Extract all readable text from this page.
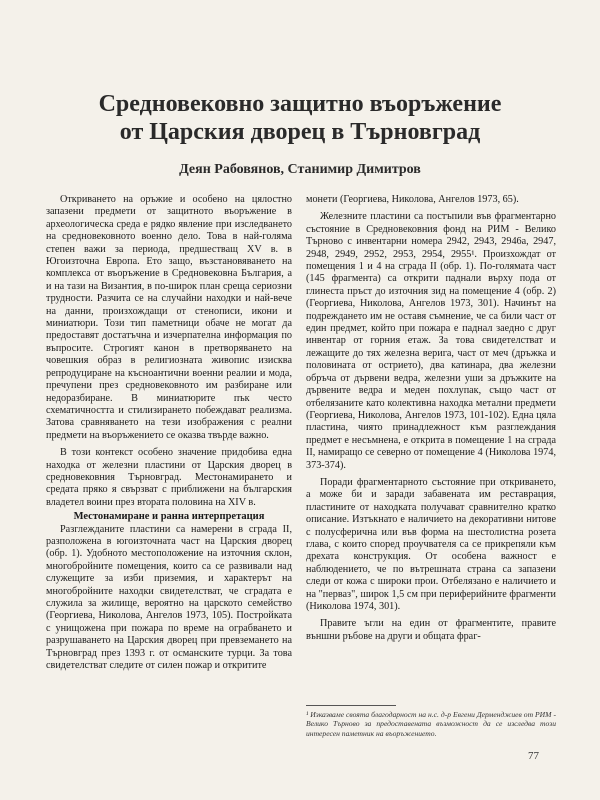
Средновековно защитно въоръжение
от Царския дворец в Търновград
Деян Рабовянов, Станимир Димитров

Откриването на оръжие и особено на цялостно запазени предмети от защитното въоръжение в археологическа среда е рядко явление при изследването на средновековното военно дело. Това в най-голяма степен важи за периода, предшестващ XV в. в Югоизточна Европа. Ето защо, възстановяването на комплекса от въоръжение в Средновековна България, а и на тази на Византия, в по-широк план среща сериозни трудности. Разчита се на случайни находки и най-вече на данни, произхождащи от стенописи, икони и миниатюри. Този тип паметници обаче не могат да предоставят достатъчна и изчерпателна информация по въпросите. Строгият канон в претворяването на човешкия образ в религиозната живопис изисква репродуциране на късноантични военни реалии и мода, пречупени през средновековното им разбиране или недоразбиране. В миниатюрите пък често схематичността и стилизирането побеждават реализма. Затова сравняването на тези изображения с реални предмети на въоръжението се оказва твърде важно.

В този контекст особено значение придобива една находка от железни пластини от Царския дворец в средновековния Търновград. Местонамирането и средата пряко я свързват с приближени на българския владетел воини през втората половина на XIV в.

Местонамиране и ранна интерпретация

Разглежданите пластини са намерени в сграда II, разположена в югоизточната част на Царския дворец (обр. 1). Удобното местоположение на източния склон, многобройните помещения, които са се развивали над служещите за изби приземия, и характерът на многобройните находки свидетелстват, че сградата е служила за жилище, вероятно на царското семейство (Георгиева, Николова, Ангелов 1973, 105). Постройката с унищожена при пожара по време на ограбването и разрушаването на Царския дворец при превземането на Търновград през 1393 г. от османските турци. За това свидетелстват следите от силен пожар и откритите

монети (Георгиева, Николова, Ангелов 1973, 65).

Железните пластини са постъпили във фрагментарно състояние в Средновековния фонд на РИМ - Велико Търново с инвентарни номера 2942, 2943, 2946а, 2947, 2948, 2949, 2952, 2953, 2954, 2955¹. Произхождат от помещения 1 и 4 на сграда II (обр. 1). По-голямата част (145 фрагмента) са открити паднали върху пода от глинеста пръст до източния зид на помещение 4 (обр. 2) (Георгиева, Николова, Ангелов 1973, 301). Начинът на подреждането им не оставя съмнение, че са били част от един предмет, който при пожара е паднал заедно с друг инвентар от горния етаж. За това свидетелстват и лежащите до тях железна верига, част от меч (дръжка и половината от острието), два катинара, два железни обръча от дървени ведра, железни уши за дръжките на дървените ведра и меден похлупак, също част от отбелязаните като колективна находка метални предмети (Георгиева, Николова, Ангелов 1973, 101-102). Една цяла пластина, чиято принадлежност към разглеждания предмет е несъмнена, е открита в помещение 1 на сграда II, намиращо се северно от помещение 4 (Николова 1974, 373-374).

Поради фрагментарното състояние при откриването, а може би и заради забавената им реставрация, пластините от находката получават сравнително кратко описание. Изтъкнато е наличието на декоративни нитове с полусферична или във форма на шестолистна розета глава, с които според проучвателя са се прикрепяли към дрехата конструкция. От особена важност е наблюдението, че по вътрешната страна са запазени следи от кожа с широки прои. Отбелязано е наличието и на "перваз", широк 1,5 см при периферийните фрагменти (Николова 1974, 301).

Правите ъгли на един от фрагментите, правите външни ръбове на други и общата фраг-

¹ Изказваме своята благодарност на н.с. д-р Евгени Дерменджиев от РИМ - Велико Търново за предоставената възможност да се изследва този интересен паметник на въоръжението.
77
